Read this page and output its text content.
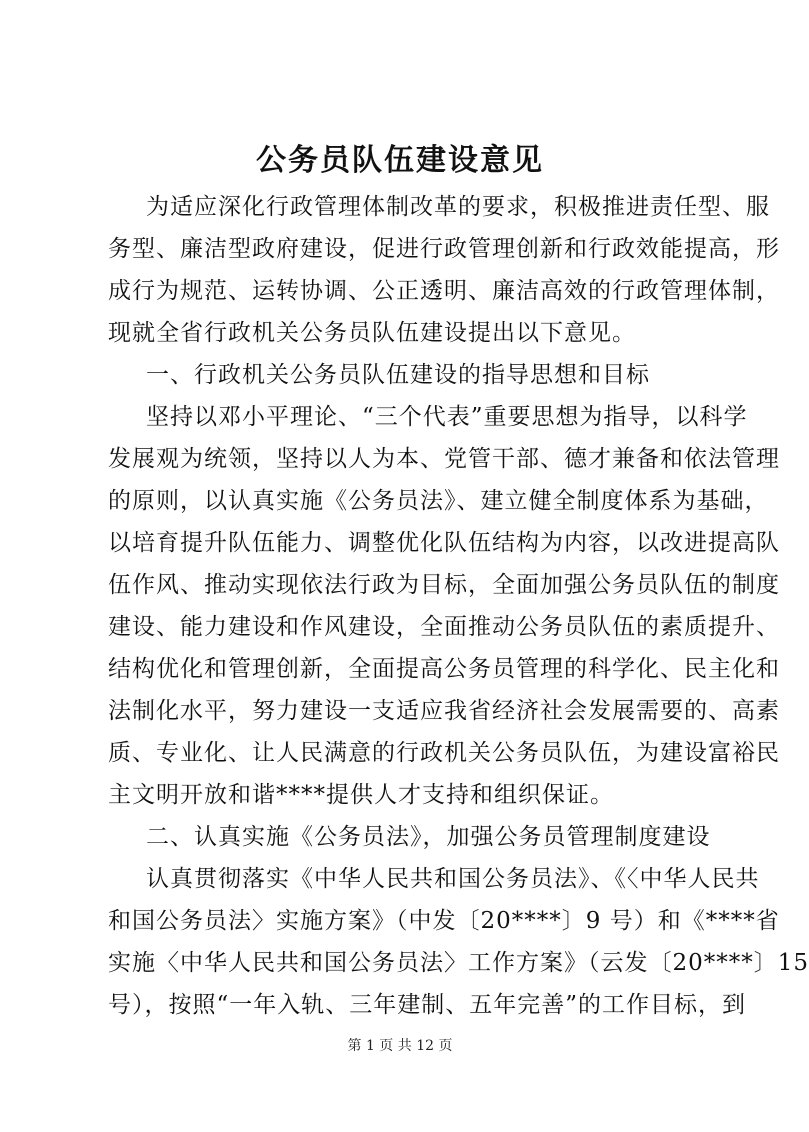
公务员队伍建设意见
为适应深化行政管理体制改革的要求，积极推进责任型、服
务型、廉洁型政府建设，促进行政管理创新和行政效能提高，形
成行为规范、运转协调、公正透明、廉洁高效的行政管理体制，
现就全省行政机关公务员队伍建设提出以下意见。
一、行政机关公务员队伍建设的指导思想和目标
坚持以邓小平理论、“三个代表”重要思想为指导，以科学
发展观为统领，坚持以人为本、党管干部、德才兼备和依法管理
的原则，以认真实施《公务员法》、建立健全制度体系为基础，
以培育提升队伍能力、调整优化队伍结构为内容，以改进提高队
伍作风、推动实现依法行政为目标，全面加强公务员队伍的制度
建设、能力建设和作风建设，全面推动公务员队伍的素质提升、
结构优化和管理创新，全面提高公务员管理的科学化、民主化和
法制化水平，努力建设一支适应我省经济社会发展需要的、高素
质、专业化、让人民满意的行政机关公务员队伍，为建设富裕民
主文明开放和谐****提供人才支持和组织保证。
二、认真实施《公务员法》，加强公务员管理制度建设
认真贯彻落实《中华人民共和国公务员法》、《〈中华人民共
和国公务员法〉实施方案》（中发〔20****〕9 号）和《****省
实施〈中华人民共和国公务员法〉工作方案》（云发〔20****〕15
号），按照“一年入轨、三年建制、五年完善”的工作目标，到
第 1 页 共 12 页
